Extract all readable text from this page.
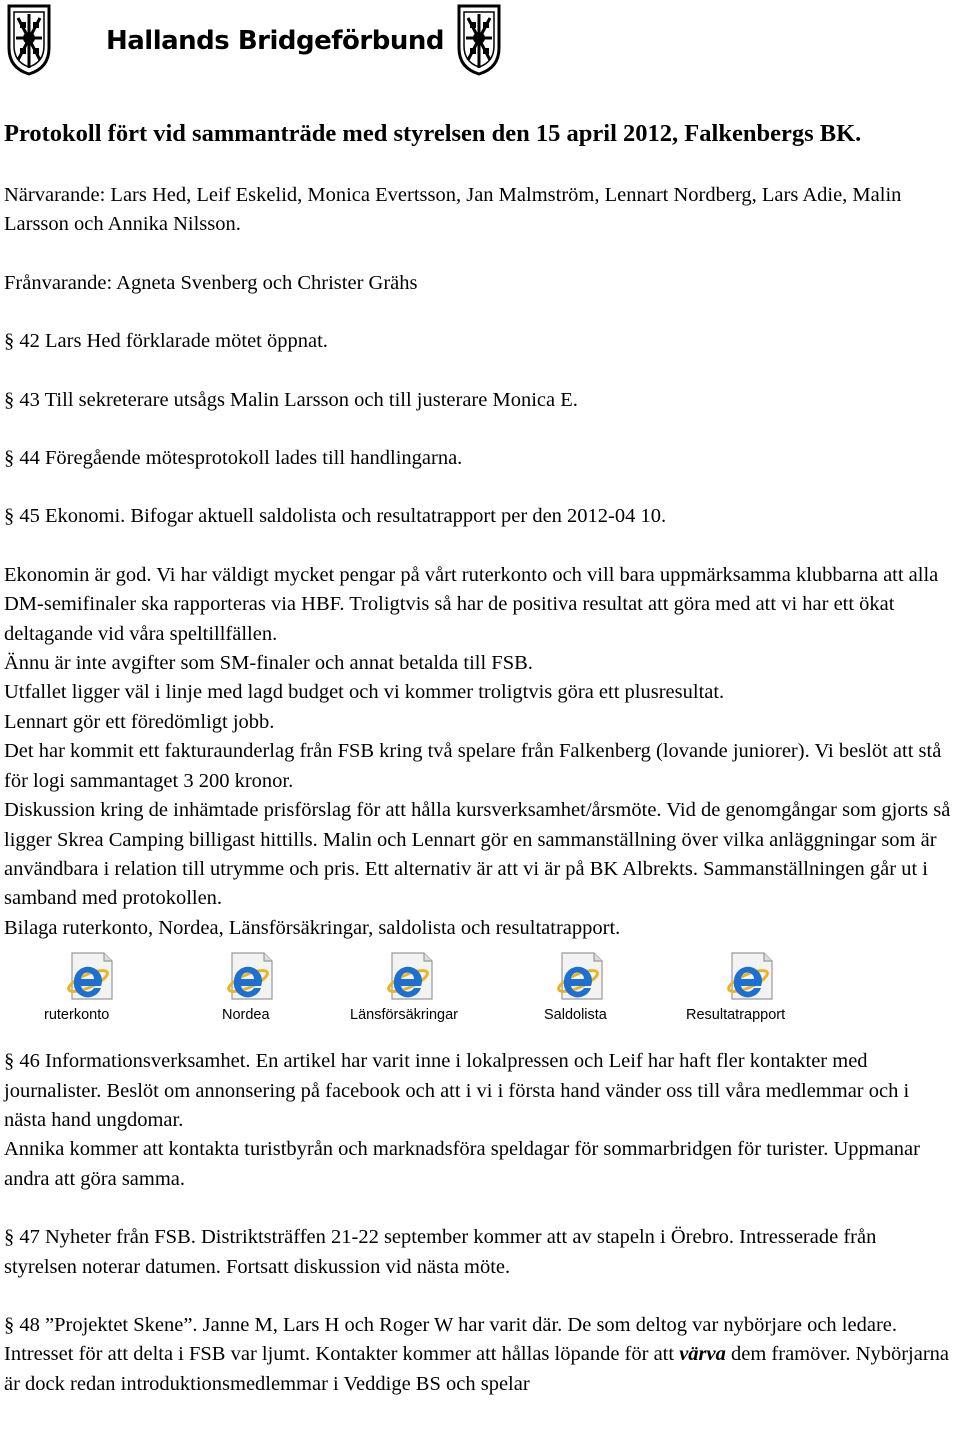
Hallands Bridgeförbund

Protokoll fört vid sammanträde med styrelsen den 15 april 2012, Falkenbergs BK.

Närvarande: Lars Hed, Leif Eskelid, Monica Evertsson, Jan Malmström, Lennart Nordberg, Lars Adie, Malin Larsson och Annika Nilsson.

Frånvarande: Agneta Svenberg och Christer Grähs

§ 42 Lars Hed förklarade mötet öppnat.

§ 43 Till sekreterare utsågs Malin Larsson och till justerare Monica E.

§ 44 Föregående mötesprotokoll lades till handlingarna.

§ 45 Ekonomi. Bifogar aktuell saldolista och resultatrapport per den 2012-04 10.

Ekonomin är god. Vi har väldigt mycket pengar på vårt ruterkonto och vill bara uppmärksamma klubbarna att alla DM-semifinaler ska rapporteras via HBF. Troligtvis så har de positiva resultat att göra med att vi har ett ökat deltagande vid våra speltillfällen.

Ännu är inte avgifter som SM-finaler och annat betalda till FSB.

Utfallet ligger väl i linje med lagd budget och vi kommer troligtvis göra ett plusresultat.

Lennart gör ett föredömligt jobb.

Det har kommit ett fakturaunderlag från FSB kring två spelare från Falkenberg (lovande juniorer). Vi beslöt att stå för logi sammantaget 3 200 kronor.

Diskussion kring de inhämtade prisförslag för att hålla kursverksamhet/årsmöte. Vid de genomgångar som gjorts så ligger Skrea Camping billigast hittills. Malin och Lennart gör en sammanställning över vilka anläggningar som är användbara i relation till utrymme och pris. Ett alternativ är att vi är på BK Albrekts. Sammanställningen går ut i samband med protokollen.

Bilaga ruterkonto, Nordea, Länsförsäkringar, saldolista och resultatrapport.

ruterkonto	Nordea	Länsförsäkringar	Saldolista	Resultatrapport

§ 46 Informationsverksamhet. En artikel har varit inne i lokalpressen och Leif har haft fler kontakter med journalister. Beslöt om annonsering på facebook och att i vi i första hand vänder oss till våra medlemmar och i nästa hand ungdomar.

Annika kommer att kontakta turistbyrån och marknadsföra speldagar för sommarbridgen för turister. Uppmanar andra att göra samma.

§ 47 Nyheter från FSB. Distriktsträffen 21-22 september kommer att av stapeln i Örebro. Intresserade från styrelsen noterar datumen. Fortsatt diskussion vid nästa möte.

§ 48 ”Projektet Skene”. Janne M, Lars H och Roger W har varit där. De som deltog var nybörjare och ledare. Intresset för att delta i FSB var ljumt. Kontakter kommer att hållas löpande för att värva dem framöver. Nybörjarna är dock redan introduktionsmedlemmar i Veddige BS och spelar
